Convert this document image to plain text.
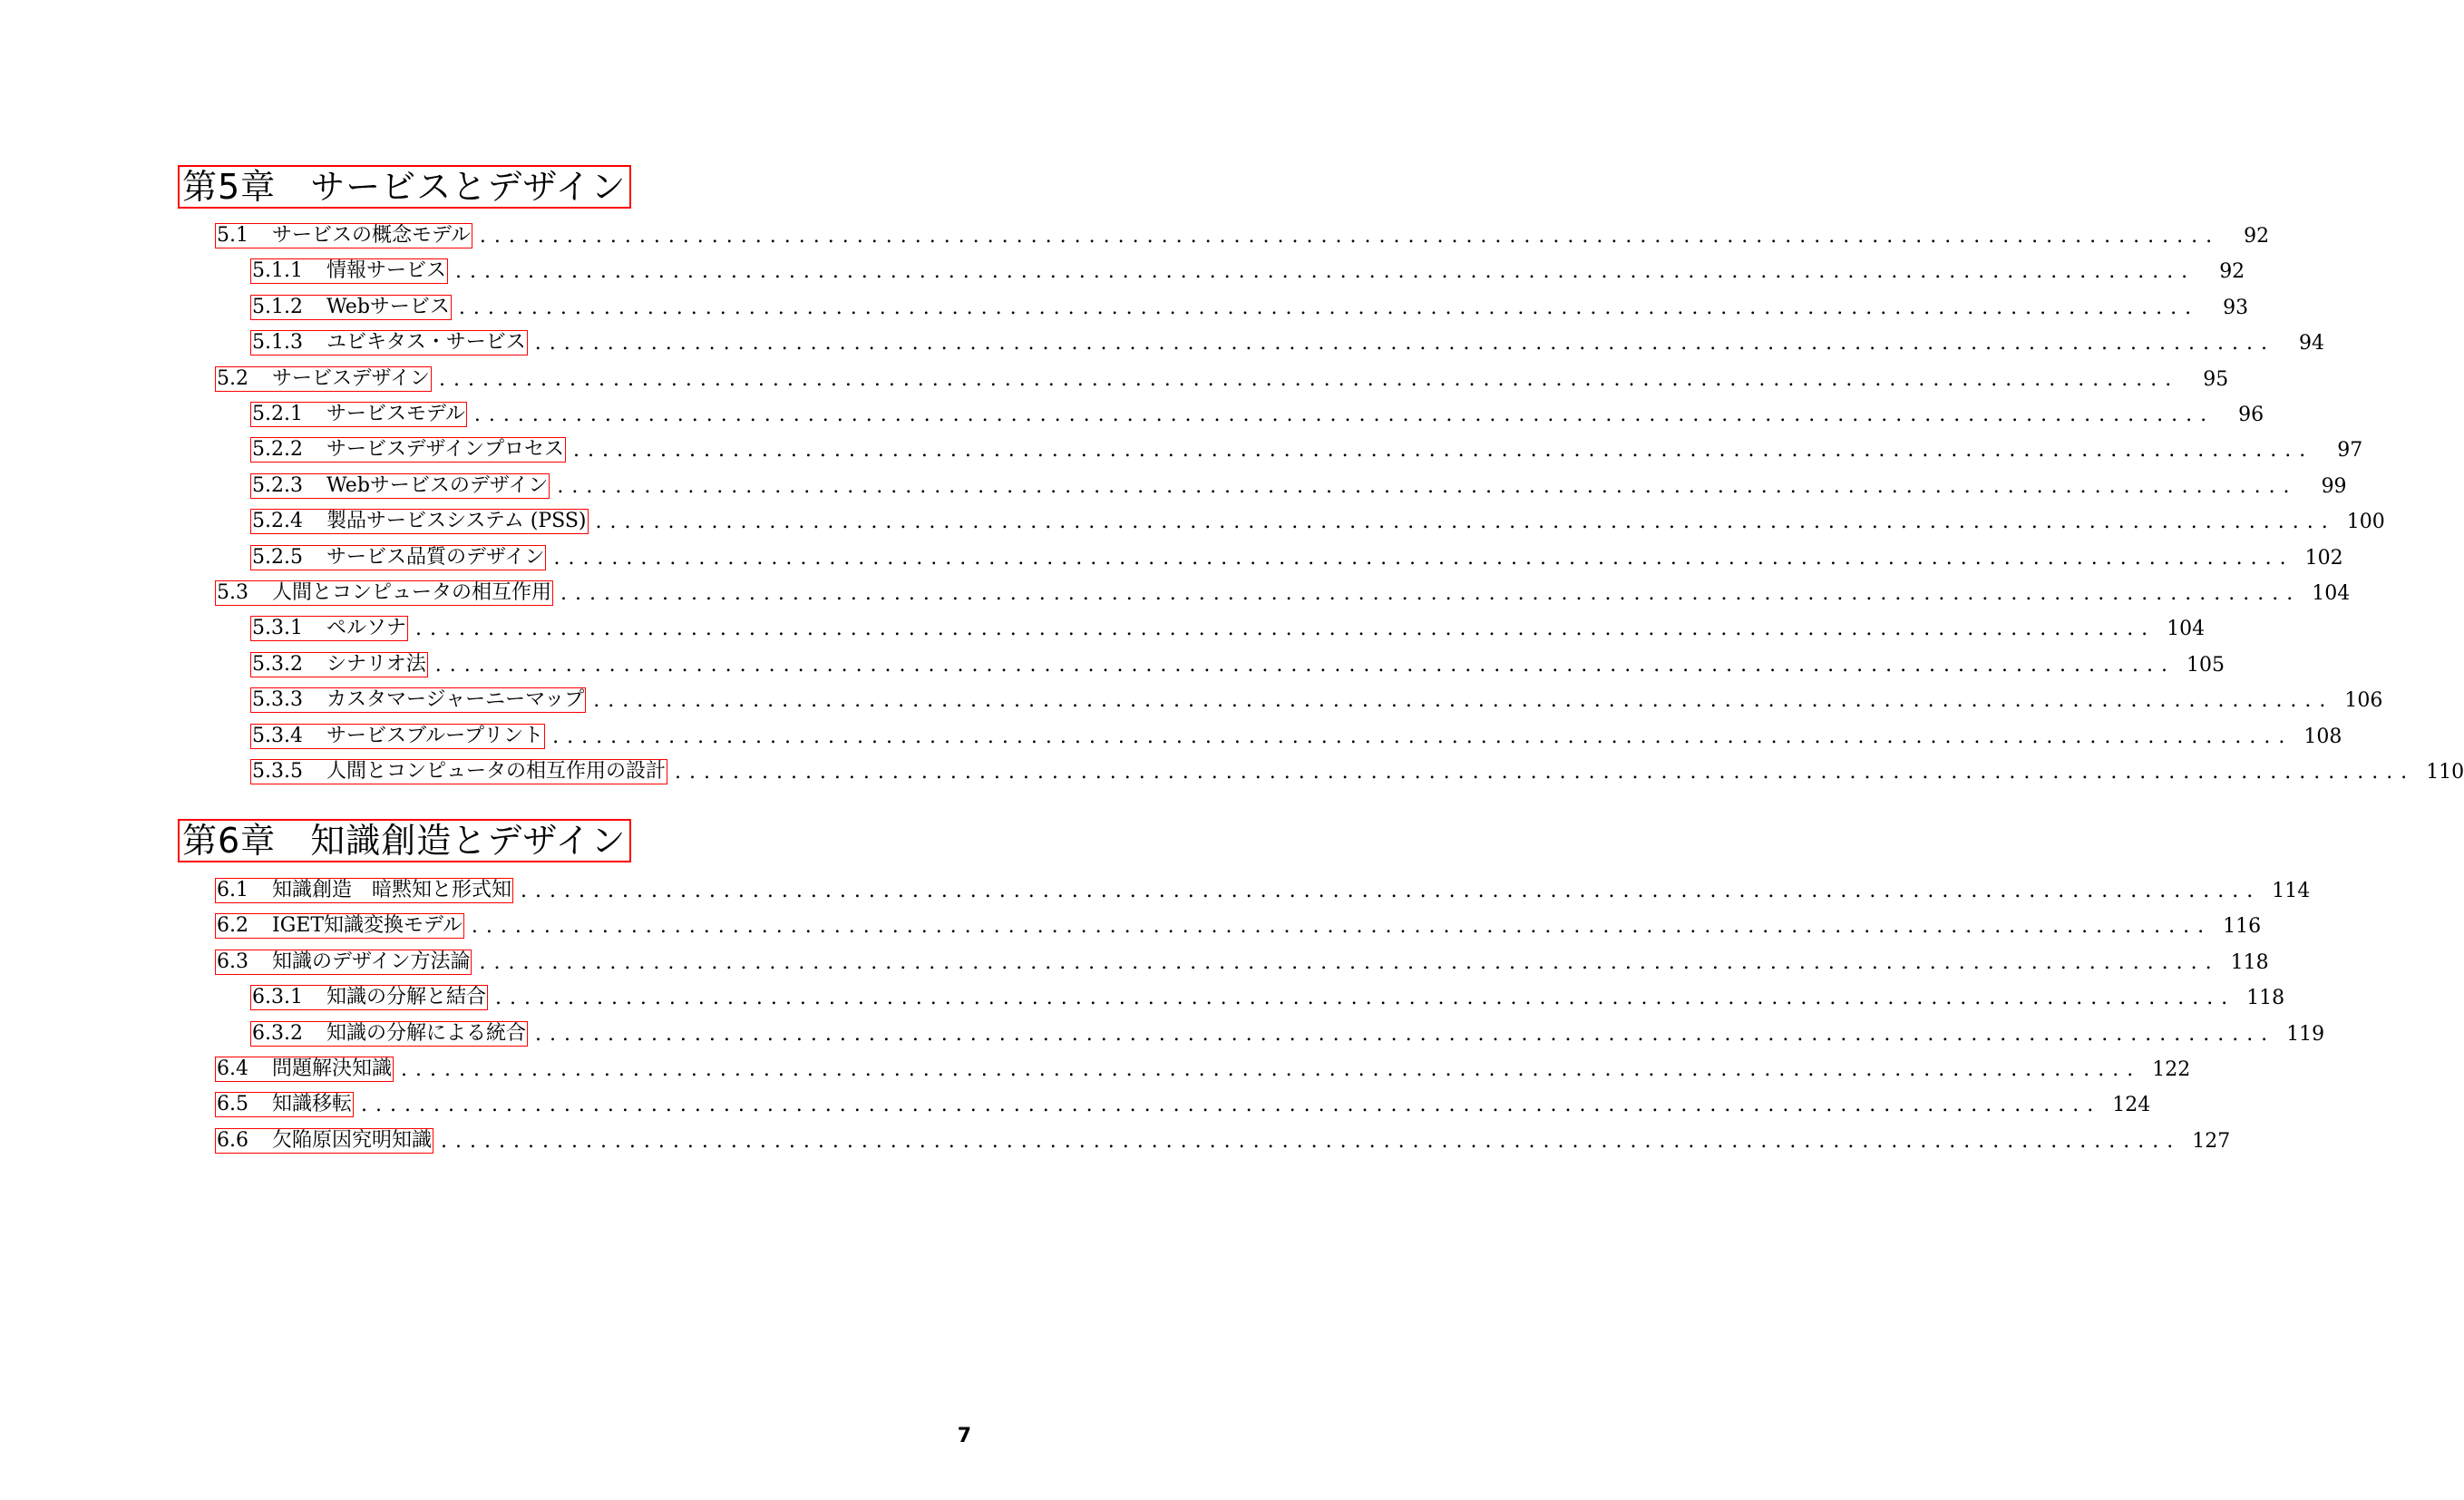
第5章 サービスとデザイン
5.1 サービスの概念モデル ........................................................................................................................	92
5.1.1 情報サービス ........................................................................................................................	92
5.1.2 Webサービス ........................................................................................................................	93
5.1.3 ユビキタス・サービス ........................................................................................................................	94
5.2 サービスデザイン ........................................................................................................................	95
5.2.1 サービスモデル ........................................................................................................................	96
5.2.2 サービスデザインプロセス ........................................................................................................................	97
5.2.3 Webサービスのデザイン ........................................................................................................................	99
5.2.4 製品サービスシステム (PSS) ........................................................................................................................ 100
5.2.5 サービス品質のデザイン ........................................................................................................................ 102
5.3 人間とコンピュータの相互作用 ........................................................................................................................ 104
5.3.1 ペルソナ ........................................................................................................................ 104
5.3.2 シナリオ法 ........................................................................................................................ 105
5.3.3 カスタマージャーニーマップ ........................................................................................................................ 106
5.3.4 サービスブループリント ........................................................................................................................ 108
5.3.5 人間とコンピュータの相互作用の設計 ........................................................................................................................ 110
第6章 知識創造とデザイン
6.1 知識創造　暗黙知と形式知 ........................................................................................................................ 114
6.2 IGET知識変換モデル ........................................................................................................................ 116
6.3 知識のデザイン方法論 ........................................................................................................................ 118
6.3.1 知識の分解と結合 ........................................................................................................................ 118
6.3.2 知識の分解による統合 ........................................................................................................................ 119
6.4 問題解決知識 ........................................................................................................................ 122
6.5 知識移転 ........................................................................................................................ 124
6.6 欠陥原因究明知識 ........................................................................................................................ 127
7
